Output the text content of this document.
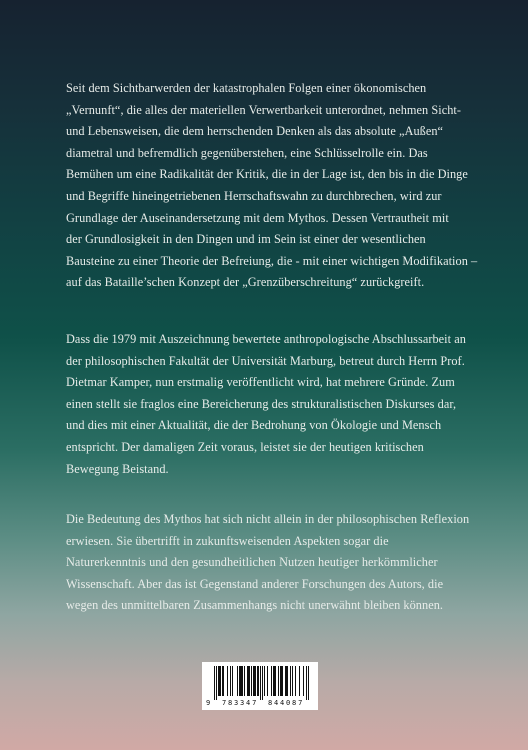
Seit dem Sichtbarwerden der katastrophalen Folgen einer ökonomischen
„Vernunft“, die alles der materiellen Verwertbarkeit unterordnet, nehmen Sicht-
und Lebensweisen, die dem herrschenden Denken als das absolute „Außen“
diametral und befremdlich gegenüberstehen, eine Schlüsselrolle ein. Das
Bemühen um eine Radikalität der Kritik, die in der Lage ist, den bis in die Dinge
und Begriffe hineingetriebenen Herrschaftswahn zu durchbrechen, wird zur
Grundlage der Auseinandersetzung mit dem Mythos. Dessen Vertrautheit mit
der Grundlosigkeit in den Dingen und im Sein ist einer der wesentlichen
Bausteine zu einer Theorie der Befreiung, die - mit einer wichtigen Modifikation –
auf das Bataille’schen Konzept der „Grenzüberschreitung“ zurückgreift.
Dass die 1979 mit Auszeichnung bewertete anthropologische Abschlussarbeit an
der philosophischen Fakultät der Universität Marburg, betreut durch Herrn Prof.
Dietmar Kamper, nun erstmalig veröffentlicht wird, hat mehrere Gründe. Zum
einen stellt sie fraglos eine Bereicherung des strukturalistischen Diskurses dar,
und dies mit einer Aktualität, die der Bedrohung von Ökologie und Mensch
entspricht. Der damaligen Zeit voraus, leistet sie der heutigen kritischen
Bewegung Beistand.
Die Bedeutung des Mythos hat sich nicht allein in der philosophischen Reflexion
erwiesen. Sie übertrifft in zukunftsweisenden Aspekten sogar die
Naturerkenntnis und den gesundheitlichen Nutzen heutiger herkömmlicher
Wissenschaft. Aber das ist Gegenstand anderer Forschungen des Autors, die
wegen des unmittelbaren Zusammenhangs nicht unerwähnt bleiben können.
9 783347 844087
